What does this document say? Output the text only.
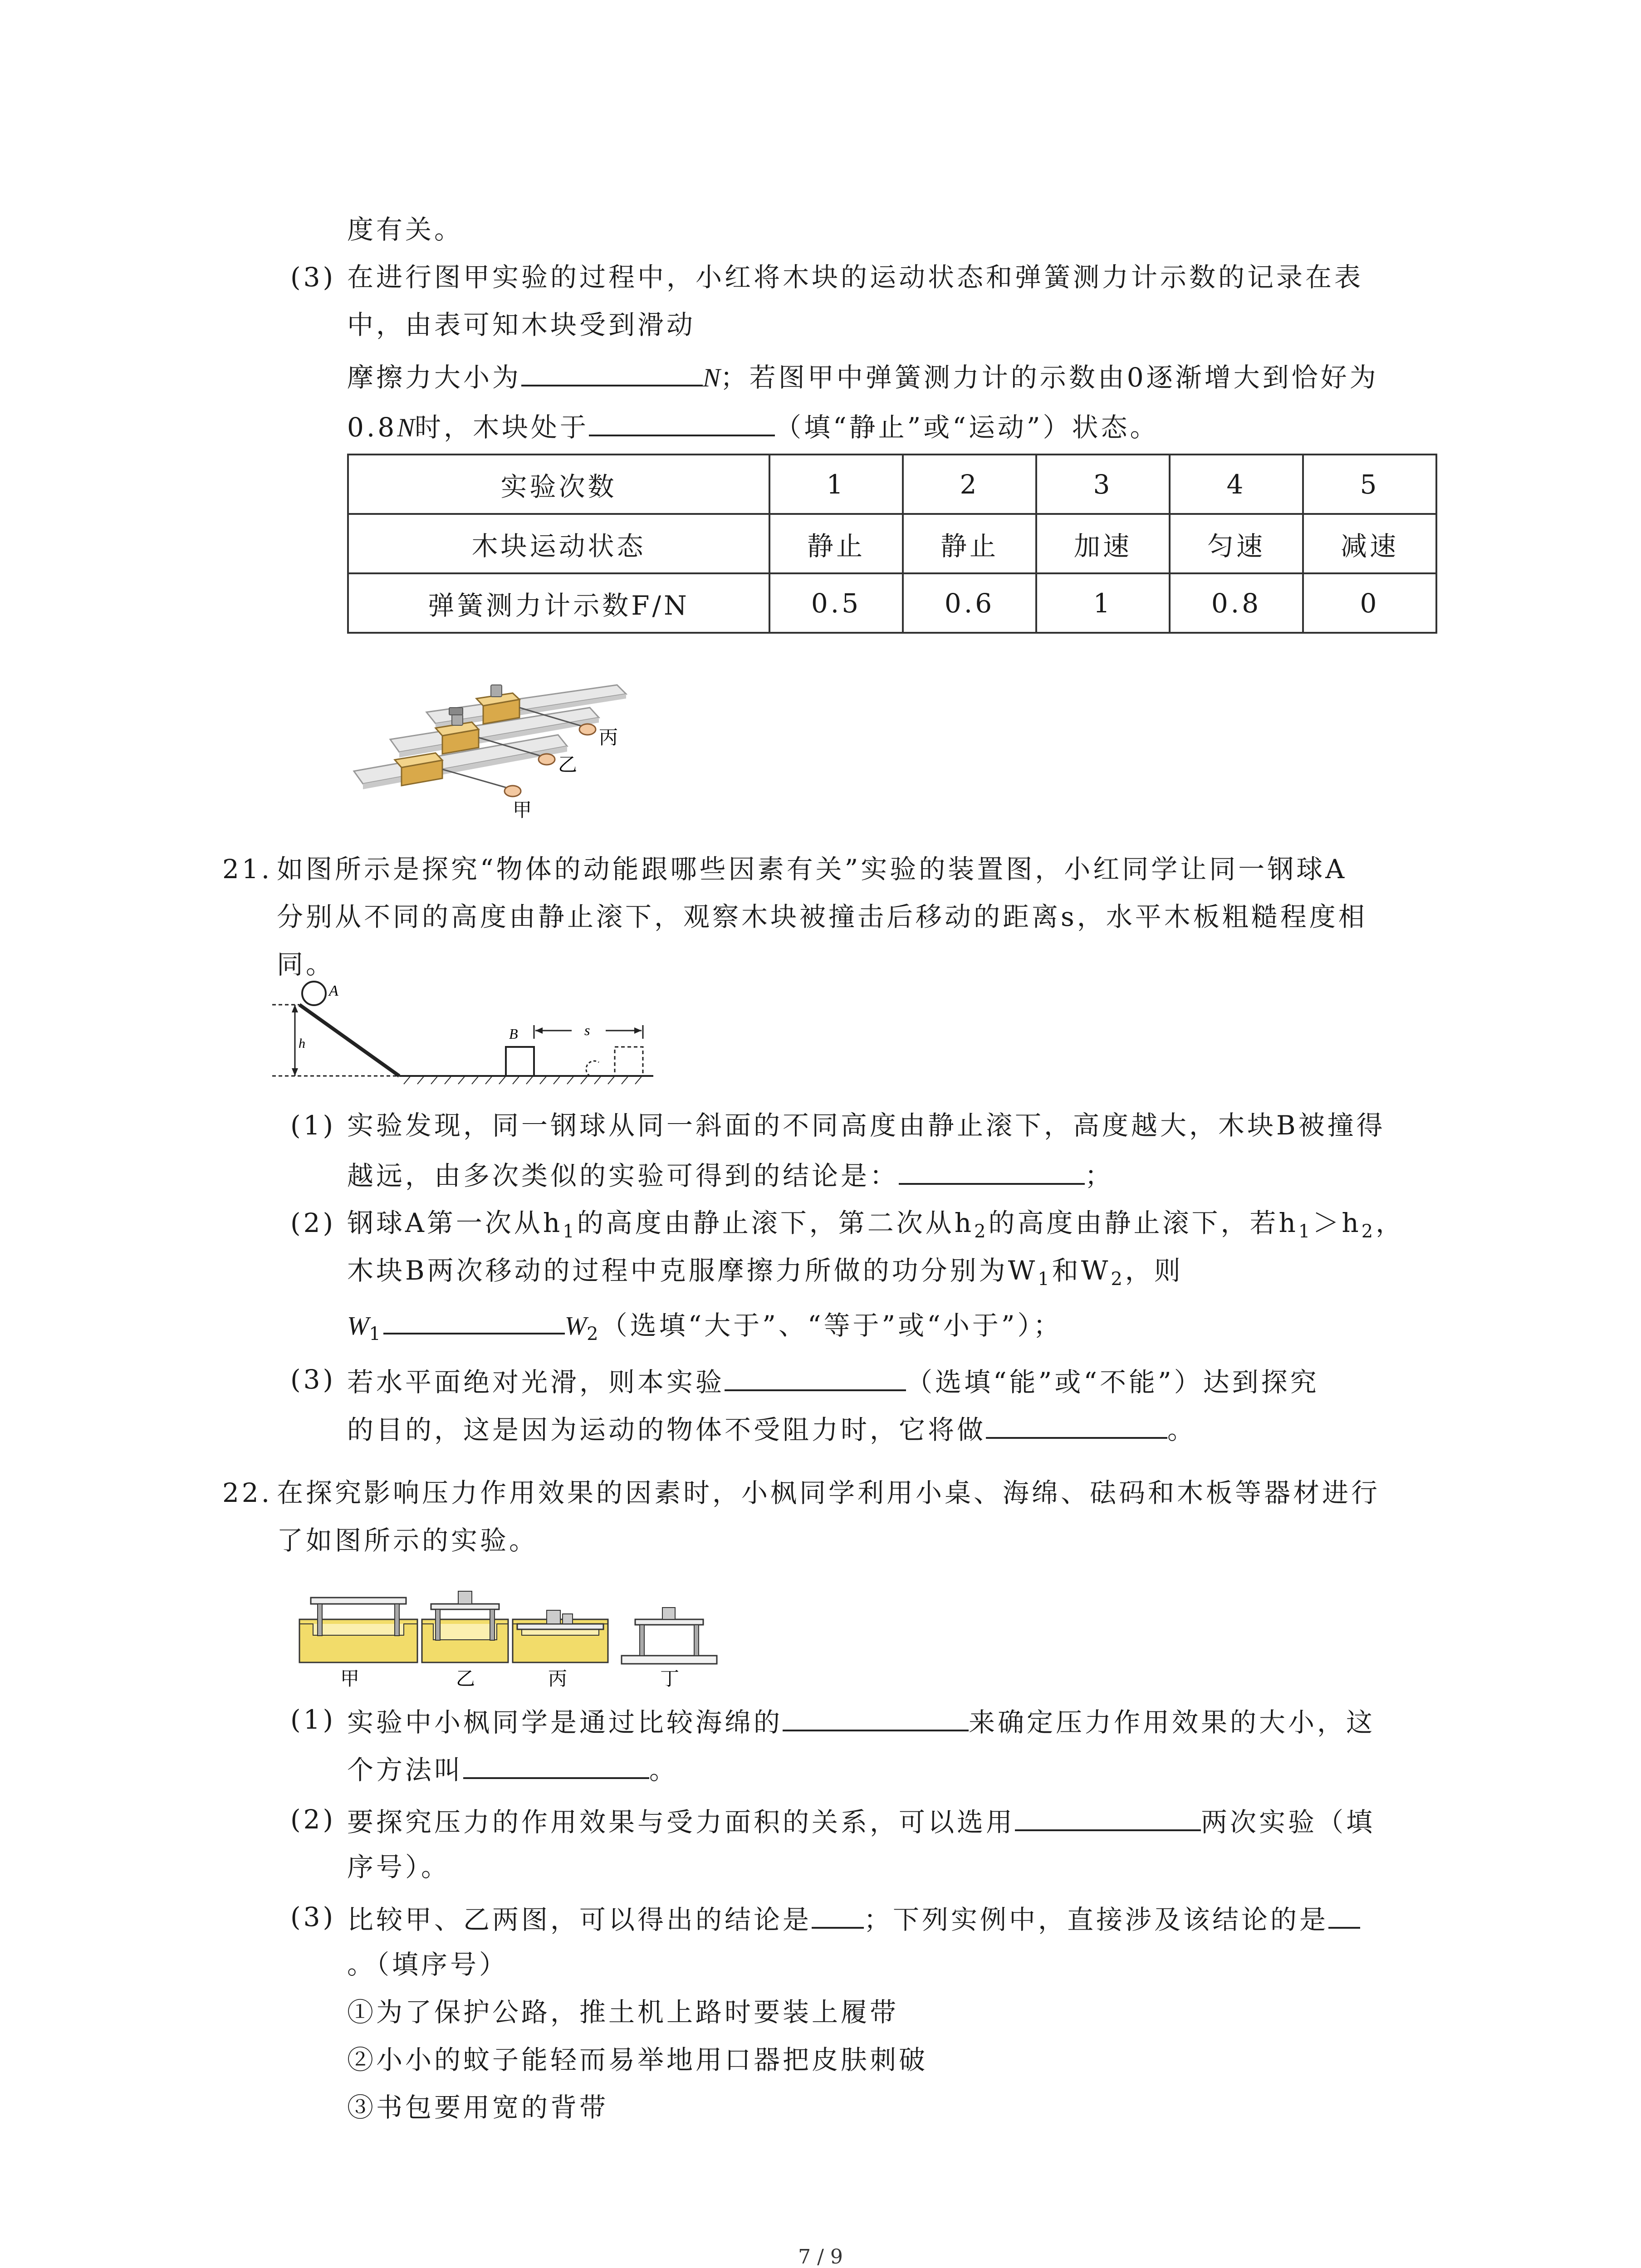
度有关。
(3) 在进行图甲实验的过程中，小红将木块的运动状态和弹簧测力计示数的记录在表
中，由表可知木块受到滑动
摩擦力大小为	N；若图甲中弹簧测力计的示数由0逐渐增大到恰好为
0.8N时，木块处于	（填“静止”或“运动”）状态。
实验次数	1	2	3	4	5
木块运动状态	静止	静止	加速	匀速	减速
弹簧测力计示数F/N	0.5	0.6	1	0.8	0
丙
乙
甲
21. 如图所示是探究“物体的动能跟哪些因素有关”实验的装置图，小红同学让同一钢球A
分别从不同的高度由静止滚下，观察木块被撞击后移动的距离s，水平木板粗糙程度相
同。
A
h
B	s
(1) 实验发现，同一钢球从同一斜面的不同高度由静止滚下，高度越大，木块B被撞得
越远，由多次类似的实验可得到的结论是：	；
(2) 钢球A第一次从$h_1$的高度由静止滚下，第二次从$h_2$的高度由静止滚下，若$h_1>h_2$，
木块B两次移动的过程中克服摩擦力所做的功分别为$W_1$和$W_2$，则
$W_1$	$W_2$（选填“大于”、“等于”或“小于”）；
(3) 若水平面绝对光滑，则本实验	（选填“能”或“不能”）达到探究
的目的，这是因为运动的物体不受阻力时，它将做	。
22. 在探究影响压力作用效果的因素时，小枫同学利用小桌、海绵、砝码和木板等器材进行
了如图所示的实验。
甲	乙	丙	丁
(1) 实验中小枫同学是通过比较海绵的	来确定压力作用效果的大小，这
个方法叫	。
(2) 要探究压力的作用效果与受力面积的关系，可以选用	两次实验（填
序号）。
(3) 比较甲、乙两图，可以得出的结论是 ；下列实例中，直接涉及该结论的是
。（填序号）
①为了保护公路，推土机上路时要装上履带
②小小的蚊子能轻而易举地用口器把皮肤刺破
③书包要用宽的背带
7 / 9
